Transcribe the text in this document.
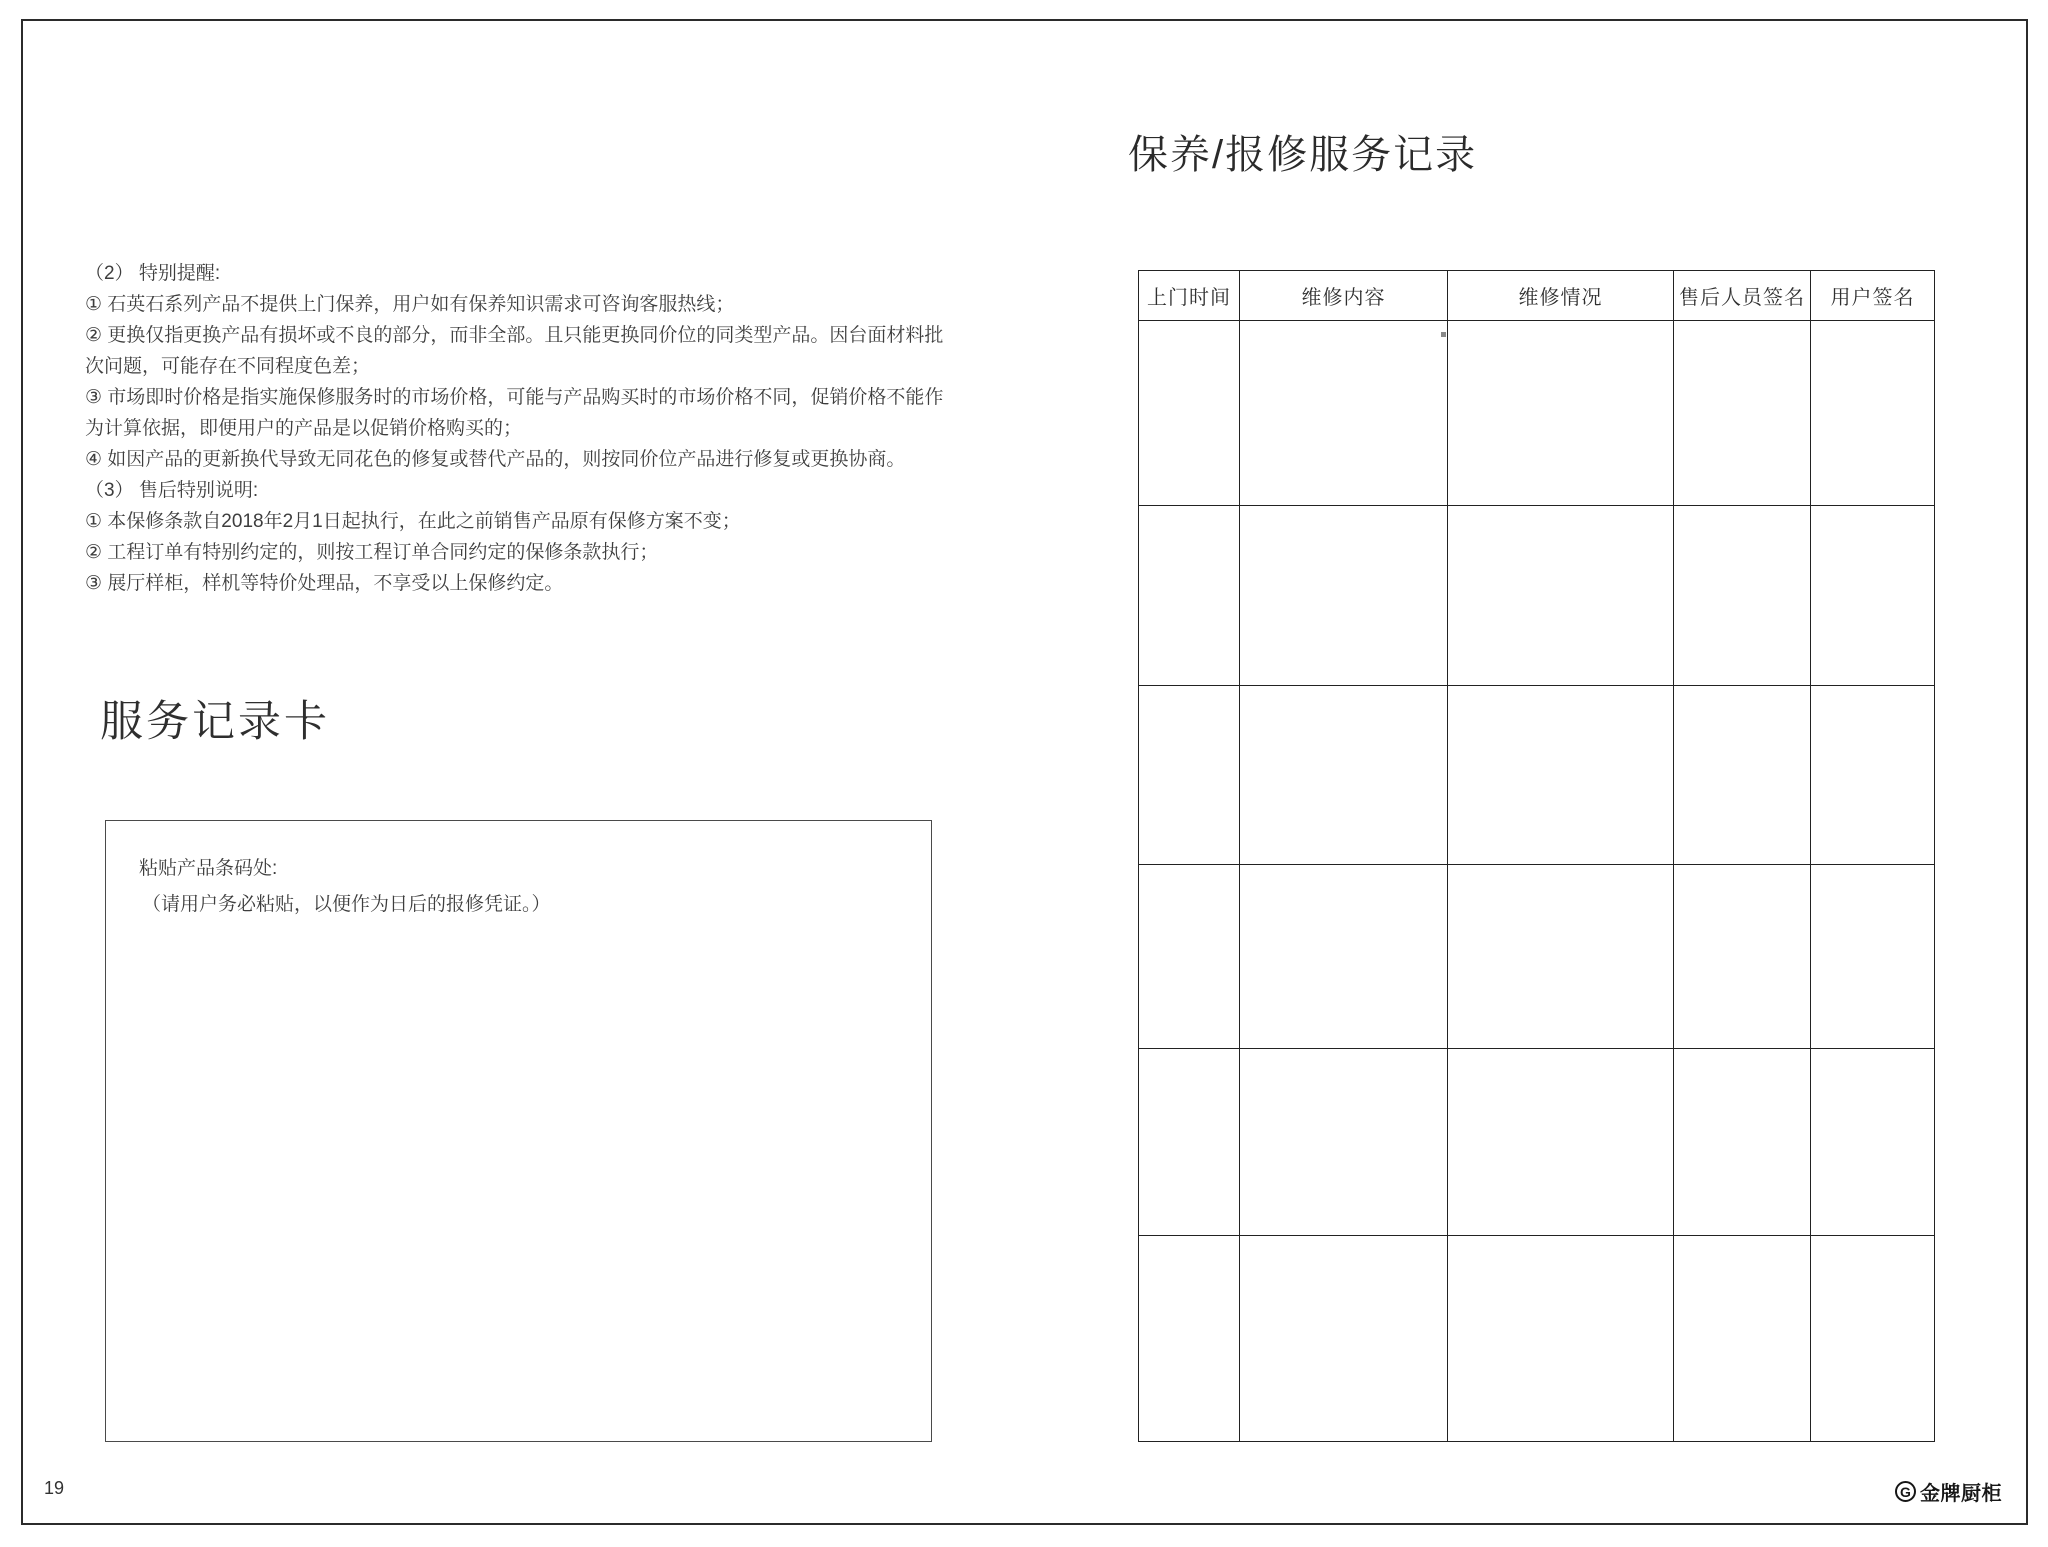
（2） 特别提醒:
① 石英石系列产品不提供上门保养，用户如有保养知识需求可咨询客服热线；
② 更换仅指更换产品有损坏或不良的部分，而非全部。且只能更换同价位的同类型产品。因台面材料批
次问题，可能存在不同程度色差；
③ 市场即时价格是指实施保修服务时的市场价格，可能与产品购买时的市场价格不同，促销价格不能作
为计算依据，即便用户的产品是以促销价格购买的；
④ 如因产品的更新换代导致无同花色的修复或替代产品的，则按同价位产品进行修复或更换协商。
（3） 售后特别说明:
① 本保修条款自2018年2月1日起执行，在此之前销售产品原有保修方案不变；
② 工程订单有特别约定的，则按工程订单合同约定的保修条款执行；
③ 展厅样柜，样机等特价处理品，不享受以上保修约定。
服务记录卡
粘贴产品条码处:
（请用户务必粘贴，以便作为日后的报修凭证。）
保养/报修服务记录
上门时间	维修内容	维修情况	售后人员签名	用户签名

19	G 金牌厨柜
